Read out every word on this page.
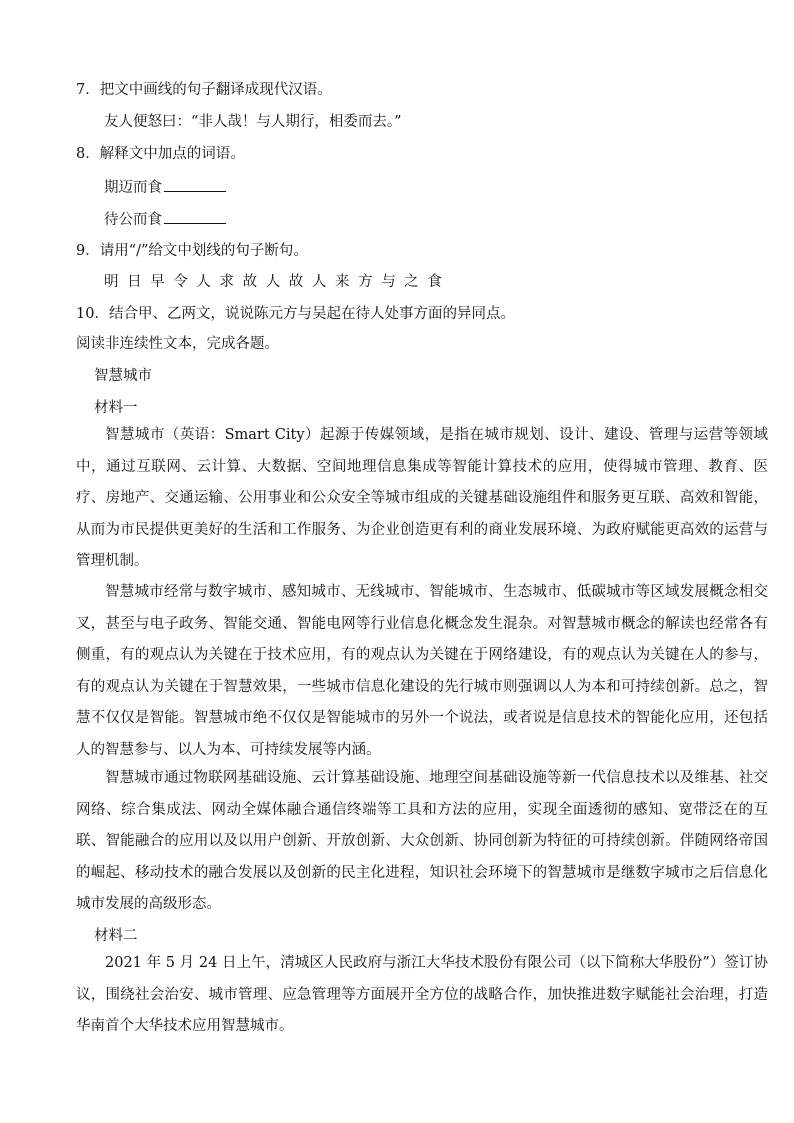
7．把文中画线的句子翻译成现代汉语。
友人便怒曰：“非人哉！与人期行，相委而去。”
8．解释文中加点的词语。
期迈而食
待公而食
9．请用“/”给文中划线的句子断句。
明日早令人求故人故人来方与之食
10．结合甲、乙两文，说说陈元方与吴起在待人处事方面的异同点。
阅读非连续性文本，完成各题。
智慧城市
材料一
智慧城市（英语：Smart City）起源于传媒领域，是指在城市规划、设计、建设、管理与运营等领域中，通过互联网、云计算、大数据、空间地理信息集成等智能计算技术的应用，使得城市管理、教育、医疗、房地产、交通运输、公用事业和公众安全等城市组成的关键基础设施组件和服务更互联、高效和智能，从而为市民提供更美好的生活和工作服务、为企业创造更有利的商业发展环境、为政府赋能更高效的运营与管理机制。
智慧城市经常与数字城市、感知城市、无线城市、智能城市、生态城市、低碳城市等区域发展概念相交叉，甚至与电子政务、智能交通、智能电网等行业信息化概念发生混杂。对智慧城市概念的解读也经常各有侧重，有的观点认为关键在于技术应用，有的观点认为关键在于网络建设，有的观点认为关键在人的参与，有的观点认为关键在于智慧效果，一些城市信息化建设的先行城市则强调以人为本和可持续创新。总之，智慧不仅仅是智能。智慧城市绝不仅仅是智能城市的另外一个说法，或者说是信息技术的智能化应用，还包括人的智慧参与、以人为本、可持续发展等内涵。
智慧城市通过物联网基础设施、云计算基础设施、地理空间基础设施等新一代信息技术以及维基、社交网络、综合集成法、网动全媒体融合通信终端等工具和方法的应用，实现全面透彻的感知、宽带泛在的互联、智能融合的应用以及以用户创新、开放创新、大众创新、协同创新为特征的可持续创新。伴随网络帝国的崛起、移动技术的融合发展以及创新的民主化进程，知识社会环境下的智慧城市是继数字城市之后信息化城市发展的高级形态。
材料二
2021 年 5 月 24 日上午，清城区人民政府与浙江大华技术股份有限公司（以下简称大华股份”）签订协议，围绕社会治安、城市管理、应急管理等方面展开全方位的战略合作，加快推进数字赋能社会治理，打造华南首个大华技术应用智慧城市。
